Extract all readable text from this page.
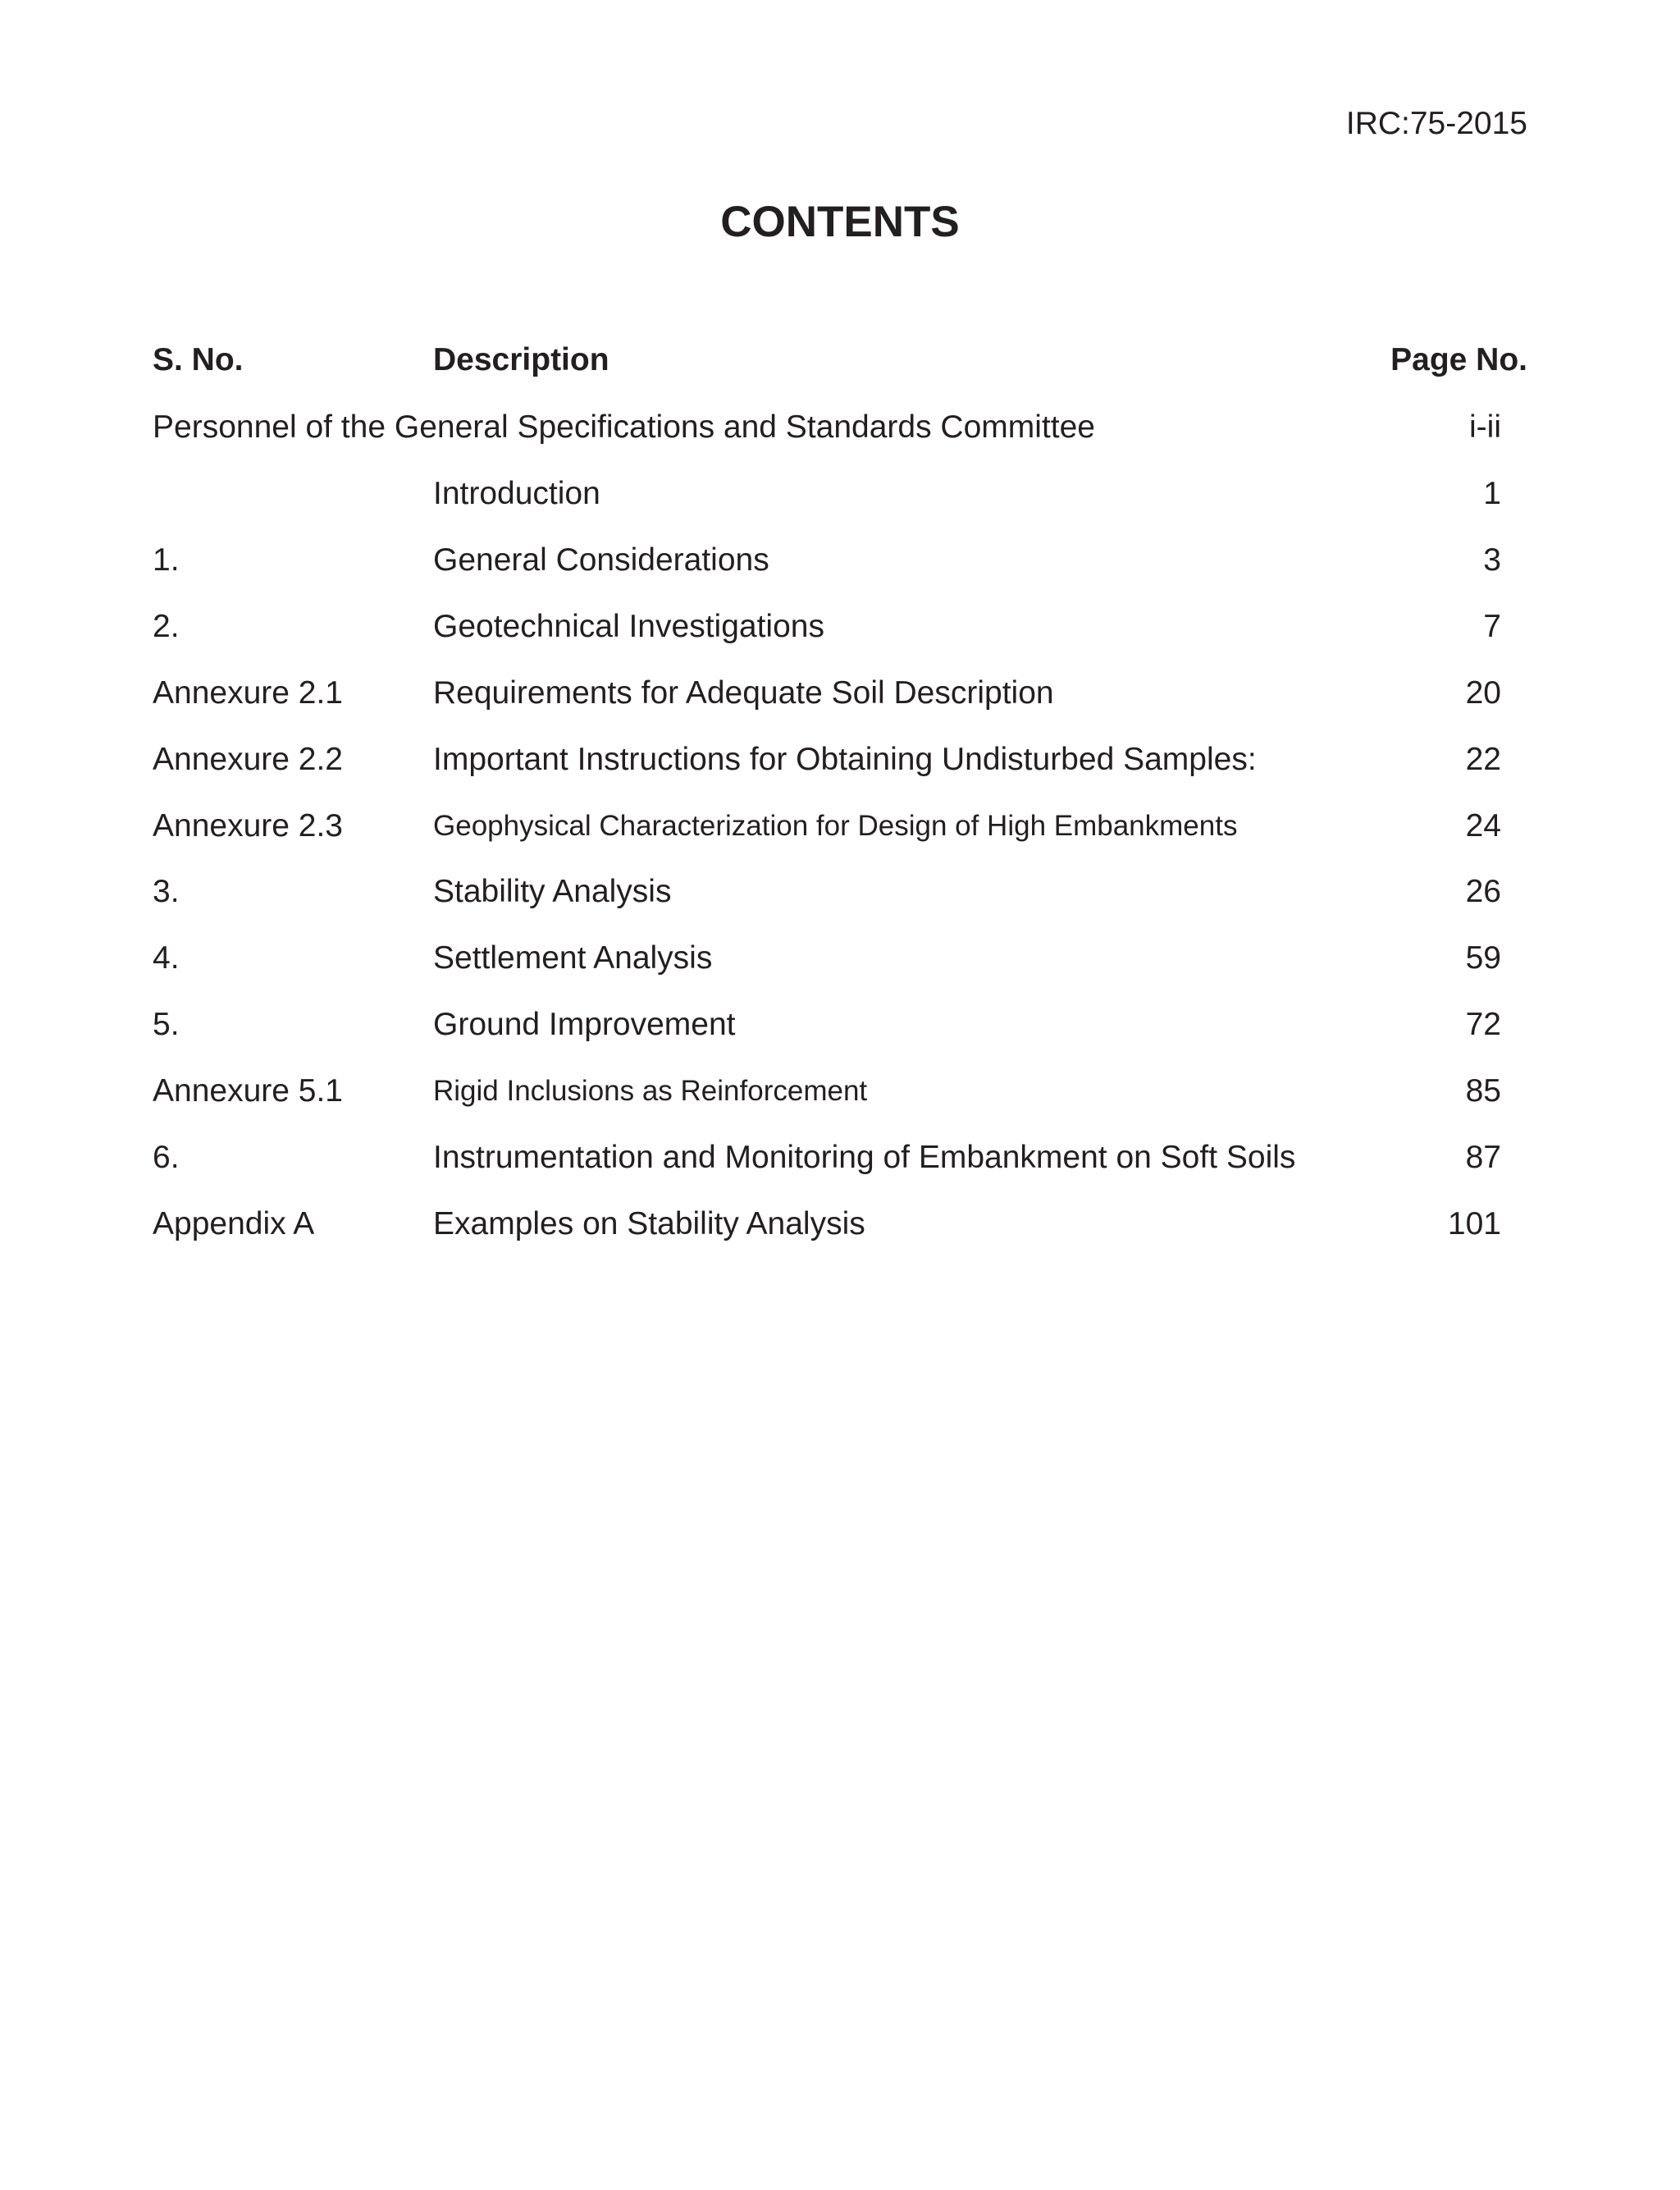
IRC:75-2015
CONTENTS
S. No.	Description	Page No.
Personnel of the General Specifications and Standards Committee	i-ii
Introduction	1
1.	General Considerations	3
2.	Geotechnical Investigations	7
Annexure 2.1	Requirements for Adequate Soil Description	20
Annexure 2.2	Important Instructions for Obtaining Undisturbed Samples:	22
Annexure 2.3	Geophysical Characterization for Design of High Embankments	24
3.	Stability Analysis	26
4.	Settlement Analysis	59
5.	Ground Improvement	72
Annexure 5.1	Rigid Inclusions as Reinforcement	85
6.	Instrumentation and Monitoring of Embankment on Soft Soils	87
Appendix A	Examples on Stability Analysis	101
